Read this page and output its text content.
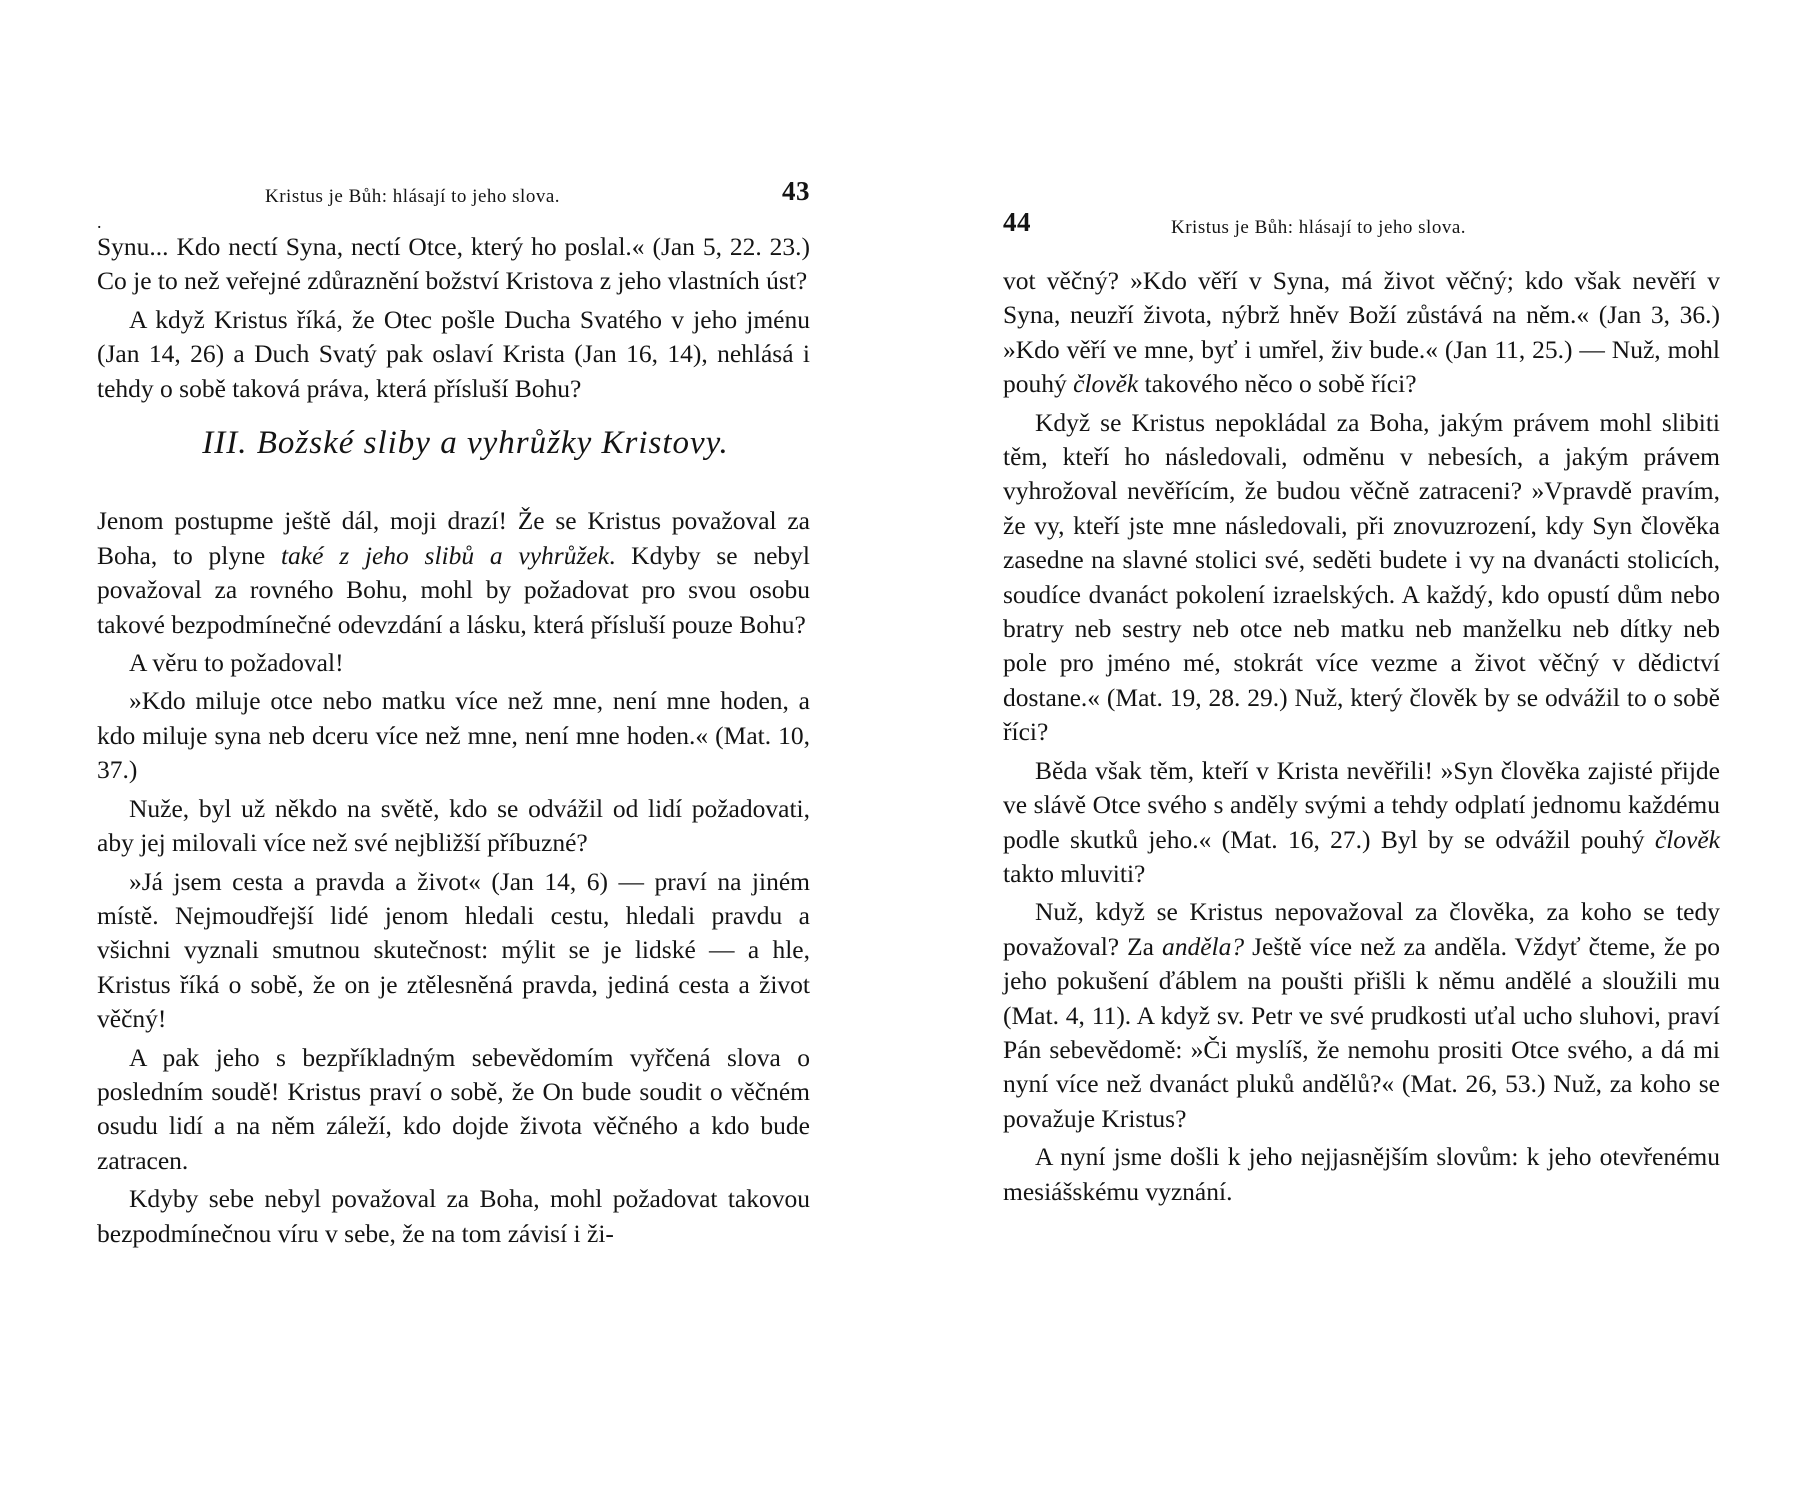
Kristus je Bůh: hlásají to jeho slova.	43
.

Synu... Kdo nectí Syna, nectí Otce, který ho poslal.« (Jan 5, 22. 23.) Co je to než veřejné zdůraznění božství Kristova z jeho vlastních úst?

A když Kristus říká, že Otec pošle Ducha Svatého v jeho jménu (Jan 14, 26) a Duch Svatý pak oslaví Krista (Jan 16, 14), nehlásá i tehdy o sobě taková práva, která přísluší Bohu?

III. Božské sliby a vyhrůžky Kristovy.

Jenom postupme ještě dál, moji drazí! Že se Kristus považoval za Boha, to plyne také z jeho slibů a vyhrůžek. Kdyby se nebyl považoval za rovného Bohu, mohl by požadovat pro svou osobu takové bezpodmínečné odevzdání a lásku, která přísluší pouze Bohu?

A věru to požadoval!

»Kdo miluje otce nebo matku více než mne, není mne hoden, a kdo miluje syna neb dceru více než mne, není mne hoden.« (Mat. 10, 37.)

Nuže, byl už někdo na světě, kdo se odvážil od lidí požadovati, aby jej milovali více než své nejbližší příbuzné?

»Já jsem cesta a pravda a život« (Jan 14, 6) — praví na jiném místě. Nejmoudřejší lidé jenom hledali cestu, hledali pravdu a všichni vyznali smutnou skutečnost: mýlit se je lidské — a hle, Kristus říká o sobě, že on je ztělesněná pravda, jediná cesta a život věčný!

A pak jeho s bezpříkladným sebevědomím vyřčená slova o posledním soudě! Kristus praví o sobě, že On bude soudit o věčném osudu lidí a na něm záleží, kdo dojde života věčného a kdo bude zatracen.

Kdyby sebe nebyl považoval za Boha, mohl požadovat takovou bezpodmínečnou víru v sebe, že na tom závisí i ži-

44	Kristus je Bůh: hlásají to jeho slova.

vot věčný? »Kdo věří v Syna, má život věčný; kdo však nevěří v Syna, neuzří života, nýbrž hněv Boží zůstává na něm.« (Jan 3, 36.) »Kdo věří ve mne, byť i umřel, živ bude.« (Jan 11, 25.) — Nuž, mohl pouhý člověk takového něco o sobě říci?

Když se Kristus nepokládal za Boha, jakým právem mohl slibiti těm, kteří ho následovali, odměnu v nebesích, a jakým právem vyhrožoval nevěřícím, že budou věčně zatraceni? »Vpravdě pravím, že vy, kteří jste mne následovali, při znovuzrození, kdy Syn člověka zasedne na slavné stolici své, seděti budete i vy na dvanácti stolicích, soudíce dvanáct pokolení izraelských. A každý, kdo opustí dům nebo bratry neb sestry neb otce neb matku neb manželku neb dítky neb pole pro jméno mé, stokrát více vezme a život věčný v dědictví dostane.« (Mat. 19, 28. 29.) Nuž, který člověk by se odvážil to o sobě říci?

Běda však těm, kteří v Krista nevěřili! »Syn člověka zajisté přijde ve slávě Otce svého s anděly svými a tehdy odplatí jednomu každému podle skutků jeho.« (Mat. 16, 27.) Byl by se odvážil pouhý člověk takto mluviti?

Nuž, když se Kristus nepovažoval za člověka, za koho se tedy považoval? Za anděla? Ještě více než za anděla. Vždyť čteme, že po jeho pokušení ďáblem na poušti přišli k němu andělé a sloužili mu (Mat. 4, 11). A když sv. Petr ve své prudkosti uťal ucho sluhovi, praví Pán sebevědomě: »Či myslíš, že nemohu prositi Otce svého, a dá mi nyní více než dvanáct pluků andělů?« (Mat. 26, 53.) Nuž, za koho se považuje Kristus?

A nyní jsme došli k jeho nejjasnějším slovům: k jeho otevřenému mesiášskému vyznání.
